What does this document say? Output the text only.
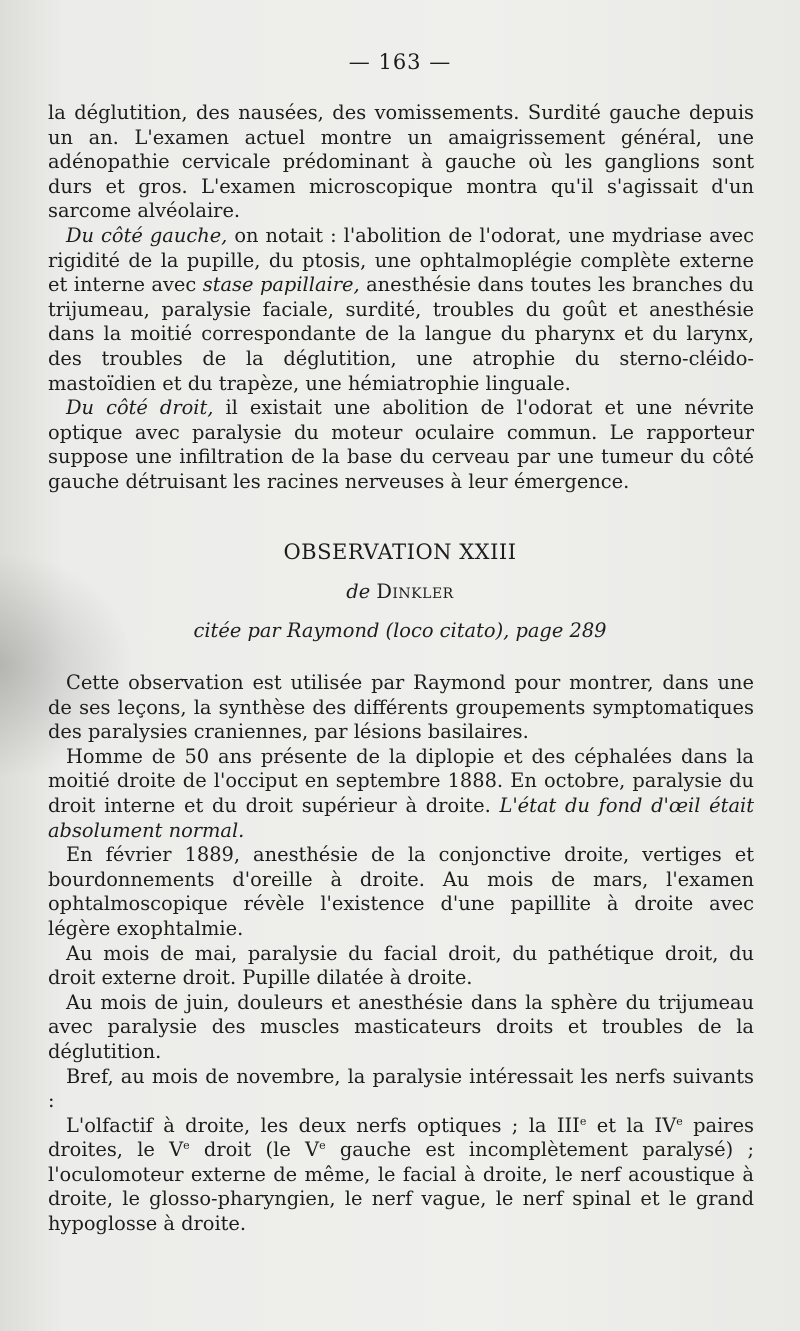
— 163 —

la déglutition, des nausées, des vomissements. Surdité gauche depuis un an. L'examen actuel montre un amaigrissement général, une adénopathie cervicale prédominant à gauche où les ganglions sont durs et gros. L'examen microscopique montra qu'il s'agissait d'un sarcome alvéolaire.

Du côté gauche, on notait : l'abolition de l'odorat, une mydriase avec rigidité de la pupille, du ptosis, une ophtalmoplégie complète externe et interne avec stase papillaire, anesthésie dans toutes les branches du trijumeau, paralysie faciale, surdité, troubles du goût et anesthésie dans la moitié correspondante de la langue du pharynx et du larynx, des troubles de la déglutition, une atrophie du sterno-cléido-mastoïdien et du trapèze, une hémiatrophie linguale.

Du côté droit, il existait une abolition de l'odorat et une névrite optique avec paralysie du moteur oculaire commun. Le rapporteur suppose une infiltration de la base du cerveau par une tumeur du côté gauche détruisant les racines nerveuses à leur émergence.

OBSERVATION XXIII
de Dinkler
citée par Raymond (loco citato), page 289

Cette observation est utilisée par Raymond pour montrer, dans une de ses leçons, la synthèse des différents groupements symptomatiques des paralysies craniennes, par lésions basilaires.

Homme de 50 ans présente de la diplopie et des céphalées dans la moitié droite de l'occiput en septembre 1888. En octobre, paralysie du droit interne et du droit supérieur à droite. L'état du fond d'œil était absolument normal.

En février 1889, anesthésie de la conjonctive droite, vertiges et bourdonnements d'oreille à droite. Au mois de mars, l'examen ophtalmoscopique révèle l'existence d'une papillite à droite avec légère exophtalmie.

Au mois de mai, paralysie du facial droit, du pathétique droit, du droit externe droit. Pupille dilatée à droite.

Au mois de juin, douleurs et anesthésie dans la sphère du trijumeau avec paralysie des muscles masticateurs droits et troubles de la déglutition.

Bref, au mois de novembre, la paralysie intéressait les nerfs suivants :

L'olfactif à droite, les deux nerfs optiques ; la IIIe et la IVe paires droites, le Ve droit (le Ve gauche est incomplètement paralysé) ; l'oculomoteur externe de même, le facial à droite, le nerf acoustique à droite, le glosso-pharyngien, le nerf vague, le nerf spinal et le grand hypoglosse à droite.
